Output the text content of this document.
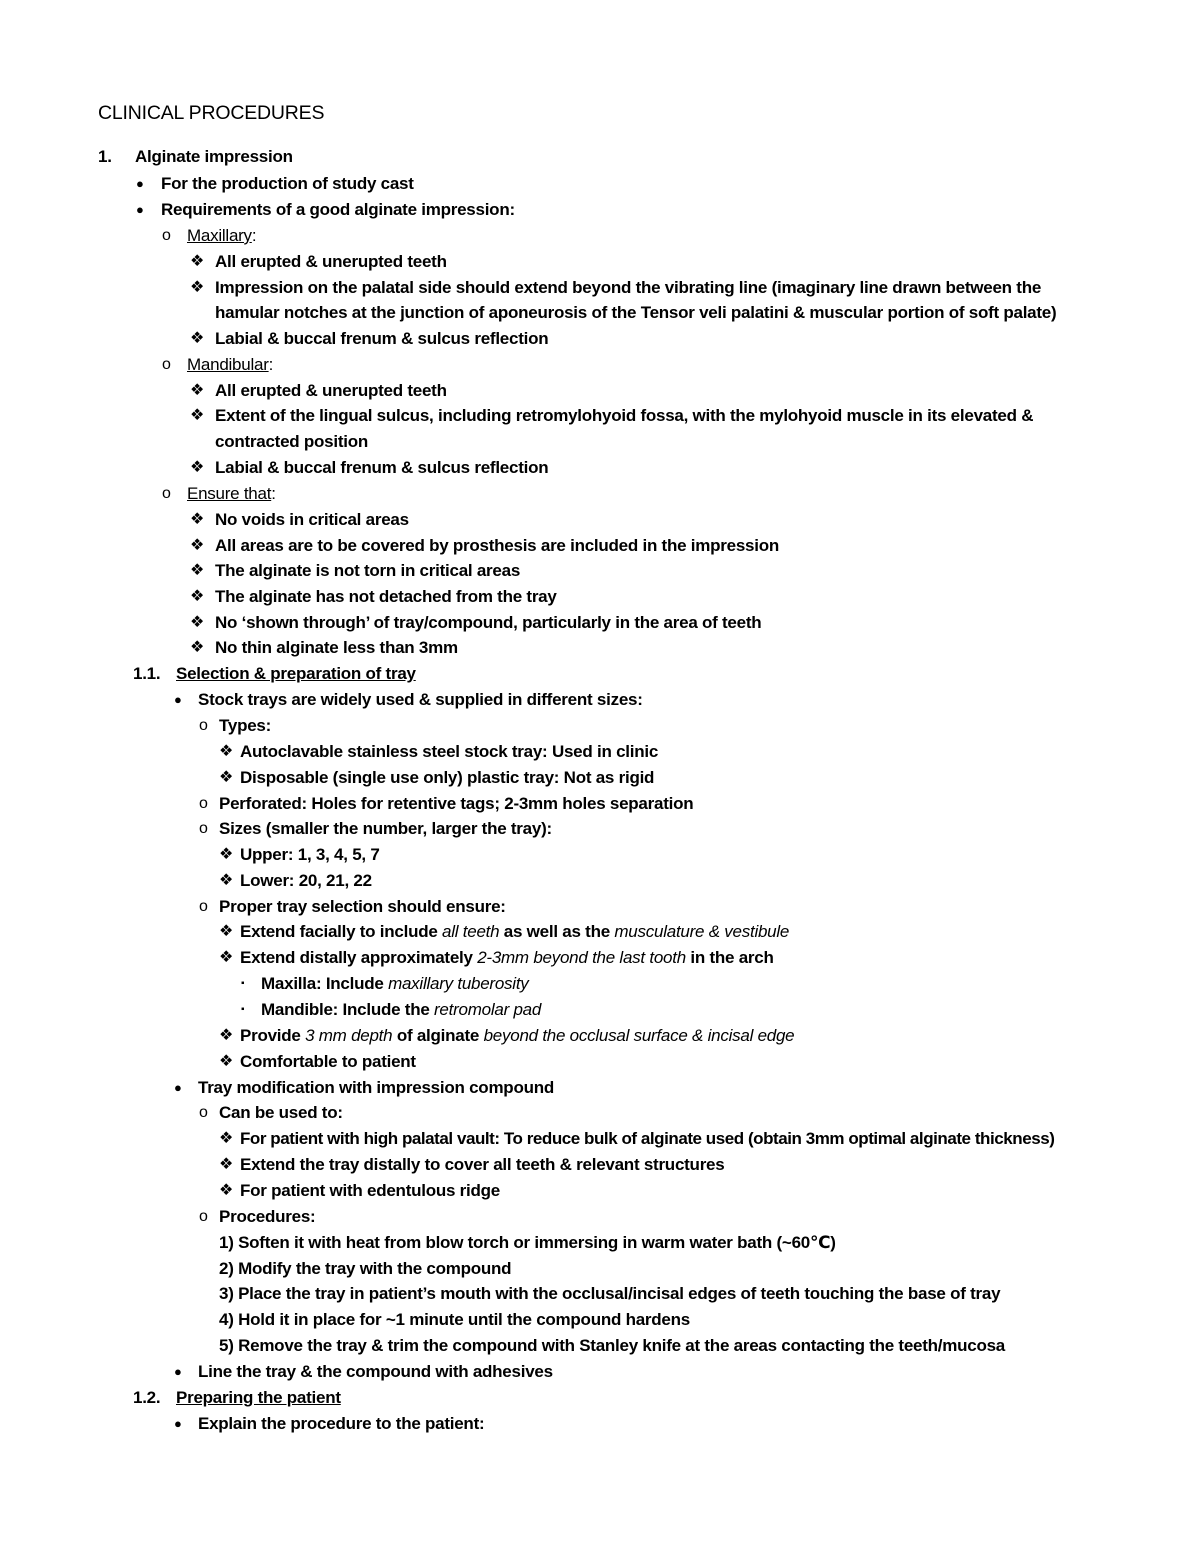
CLINICAL PROCEDURES
1. Alginate impression
● For the production of study cast
● Requirements of a good alginate impression:
o Maxillary:
❖ All erupted & unerupted teeth
❖ Impression on the palatal side should extend beyond the vibrating line (imaginary line drawn between the
hamular notches at the junction of aponeurosis of the Tensor veli palatini & muscular portion of soft palate)
❖ Labial & buccal frenum & sulcus reflection
o Mandibular:
❖ All erupted & unerupted teeth
❖ Extent of the lingual sulcus, including retromylohyoid fossa, with the mylohyoid muscle in its elevated &
contracted position
❖ Labial & buccal frenum & sulcus reflection
o Ensure that:
❖ No voids in critical areas
❖ All areas are to be covered by prosthesis are included in the impression
❖ The alginate is not torn in critical areas
❖ The alginate has not detached from the tray
❖ No ‘shown through’ of tray/compound, particularly in the area of teeth
❖ No thin alginate less than 3mm
1.1. Selection & preparation of tray
● Stock trays are widely used & supplied in different sizes:
o Types:
❖ Autoclavable stainless steel stock tray: Used in clinic
❖ Disposable (single use only) plastic tray: Not as rigid
o Perforated: Holes for retentive tags; 2-3mm holes separation
o Sizes (smaller the number, larger the tray):
❖ Upper: 1, 3, 4, 5, 7
❖ Lower: 20, 21, 22
o Proper tray selection should ensure:
❖ Extend facially to include all teeth as well as the musculature & vestibule
❖ Extend distally approximately 2-3mm beyond the last tooth in the arch
▪ Maxilla: Include maxillary tuberosity
▪ Mandible: Include the retromolar pad
❖ Provide 3 mm depth of alginate beyond the occlusal surface & incisal edge
❖ Comfortable to patient
● Tray modification with impression compound
o Can be used to:
❖ For patient with high palatal vault: To reduce bulk of alginate used (obtain 3mm optimal alginate thickness)
❖ Extend the tray distally to cover all teeth & relevant structures
❖ For patient with edentulous ridge
o Procedures:
1) Soften it with heat from blow torch or immersing in warm water bath (~60℃)
2) Modify the tray with the compound
3) Place the tray in patient’s mouth with the occlusal/incisal edges of teeth touching the base of tray
4) Hold it in place for ~1 minute until the compound hardens
5) Remove the tray & trim the compound with Stanley knife at the areas contacting the teeth/mucosa
● Line the tray & the compound with adhesives
1.2. Preparing the patient
● Explain the procedure to the patient:
